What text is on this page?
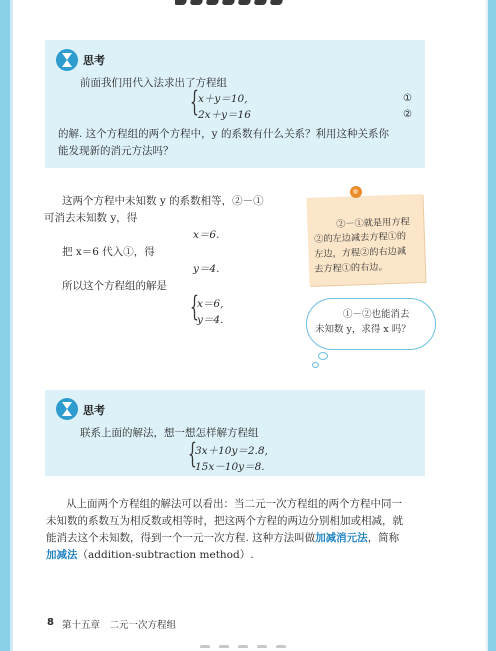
思考
前面我们用代入法求出了方程组
{ x＋y＝10,	①
2x＋y＝16	②
的解. 这个方程组的两个方程中，y 的系数有什么关系？利用这种关系你
能发现新的消元方法吗？
这两个方程中未知数 y 的系数相等，②－①
可消去未知数 y，得
x＝6.
把 x＝6 代入①，得
y＝4.
所以这个方程组的解是
{
x＝6,
y＝4.
②－①就是用方程
②的左边减去方程①的
左边，方程②的右边减
去方程①的右边。
①－②也能消去
未知数 y，求得 x 吗？
思考
联系上面的解法，想一想怎样解方程组
{
3x＋10y＝2.8,
15x－10y＝8.
从上面两个方程组的解法可以看出：当二元一次方程组的两个方程中同一
未知数的系数互为相反数或相等时，把这两个方程的两边分别相加或相减，就
能消去这个未知数，得到一个一元一次方程. 这种方法叫做加减消元法，简称
加减法（addition-subtraction method）.
8 第十五章　二元一次方程组
